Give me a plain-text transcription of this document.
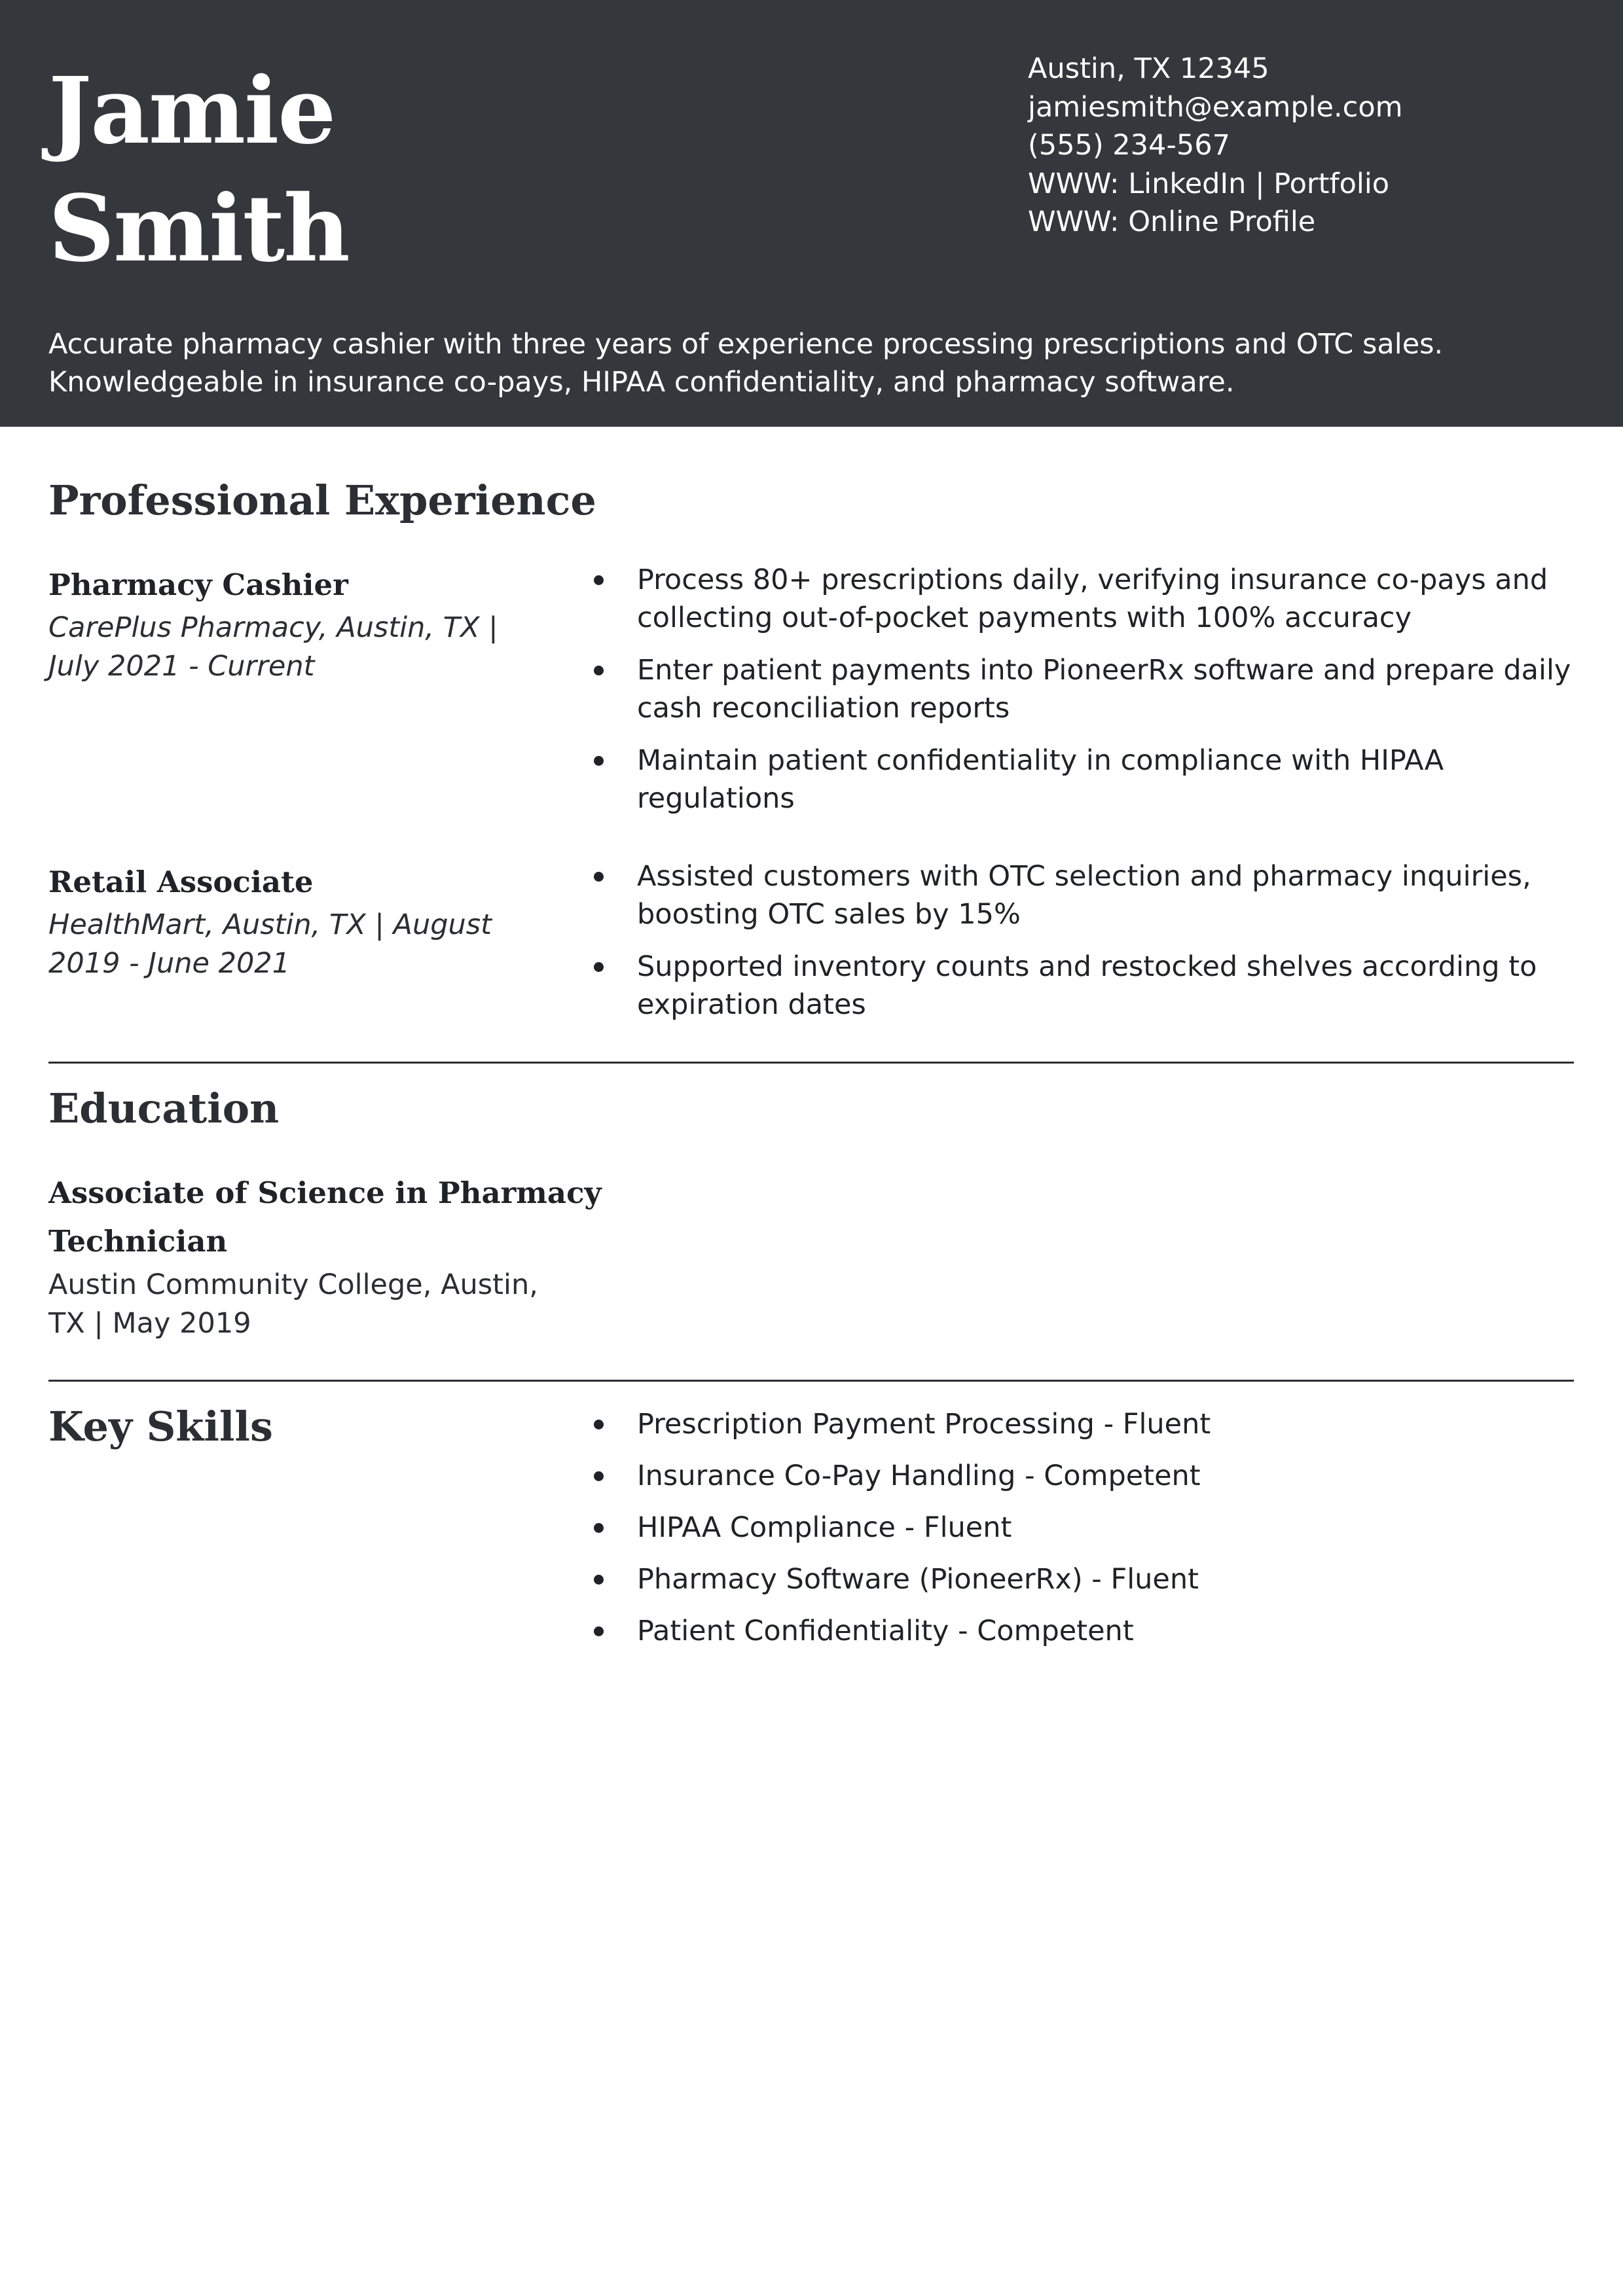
Jamie
Smith
Austin, TX 12345
jamiesmith@example.com
(555) 234-567
WWW: LinkedIn | Portfolio
WWW: Online Profile
Accurate pharmacy cashier with three years of experience processing prescriptions and OTC sales. Knowledgeable in insurance co-pays, HIPAA confidentiality, and pharmacy software.
Professional Experience
Pharmacy Cashier
CarePlus Pharmacy, Austin, TX |
July 2021 - Current
Process 80+ prescriptions daily, verifying insurance co-pays and collecting out-of-pocket payments with 100% accuracy
Enter patient payments into PioneerRx software and prepare daily cash reconciliation reports
Maintain patient confidentiality in compliance with HIPAA regulations
Retail Associate
HealthMart, Austin, TX | August
2019 - June 2021
Assisted customers with OTC selection and pharmacy inquiries, boosting OTC sales by 15%
Supported inventory counts and restocked shelves according to expiration dates
Education
Associate of Science in Pharmacy
Technician
Austin Community College, Austin,
TX | May 2019
Key Skills	Prescription Payment Processing - Fluent
Insurance Co-Pay Handling - Competent
HIPAA Compliance - Fluent
Pharmacy Software (PioneerRx) - Fluent
Patient Confidentiality - Competent
